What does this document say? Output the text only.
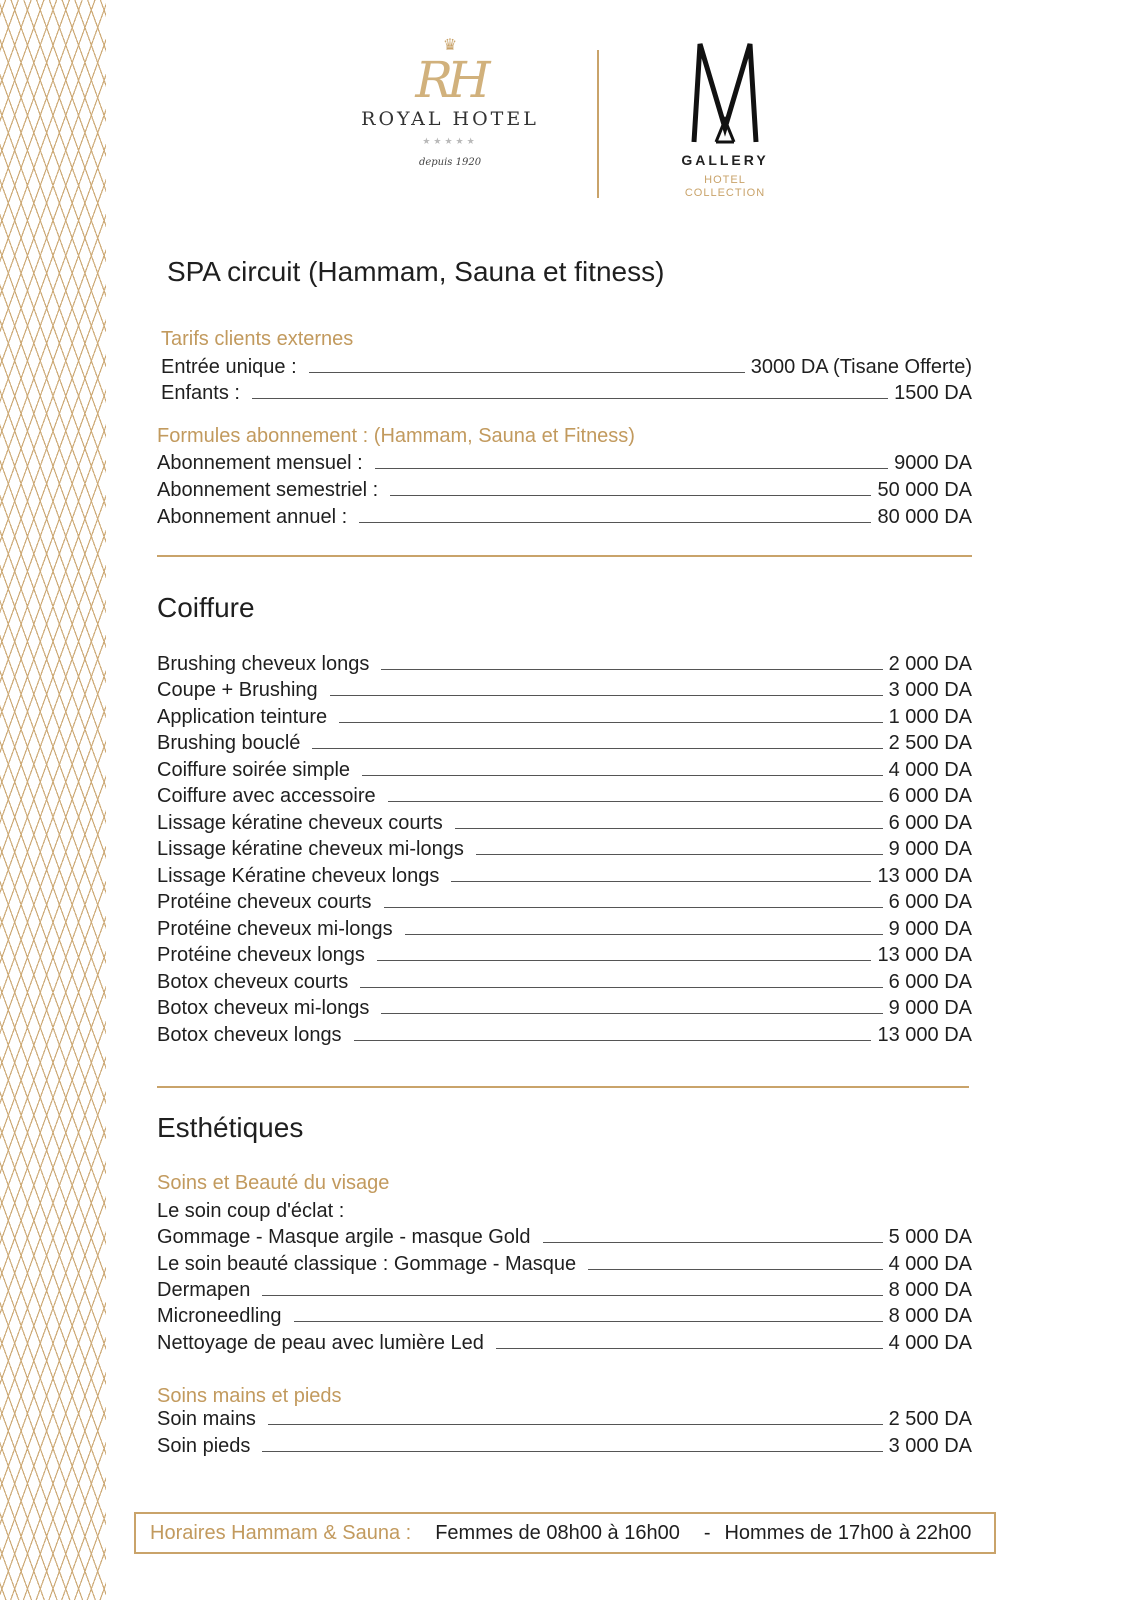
♛
RH
ROYAL HOTEL
★★★★★
depuis 1920	GALLERY
HOTEL
COLLECTION
SPA circuit (Hammam, Sauna et fitness)
Tarifs clients externes
Entrée unique :	3000 DA (Tisane Offerte)
Enfants :	1500 DA
Formules abonnement : (Hammam, Sauna et Fitness)
Abonnement mensuel :	9000 DA
Abonnement semestriel :	50 000 DA
Abonnement annuel :	80 000 DA
Coiffure
Brushing cheveux longs	2 000 DA
Coupe + Brushing	3 000 DA
Application teinture	1 000 DA
Brushing bouclé	2 500 DA
Coiffure soirée simple	4 000 DA
Coiffure avec accessoire	6 000 DA
Lissage kératine cheveux courts	6 000 DA
Lissage kératine cheveux mi-longs	9 000 DA
Lissage Kératine cheveux longs	13 000 DA
Protéine cheveux courts	6 000 DA
Protéine cheveux mi-longs	9 000 DA
Protéine cheveux longs	13 000 DA
Botox cheveux courts	6 000 DA
Botox cheveux mi-longs	9 000 DA
Botox cheveux longs	13 000 DA
Esthétiques
Soins et Beauté du visage
Le soin coup d'éclat :
Gommage - Masque argile - masque Gold	5 000 DA
Le soin beauté classique : Gommage - Masque	4 000 DA
Dermapen	8 000 DA
Microneedling	8 000 DA
Nettoyage de peau avec lumière Led	4 000 DA
Soins mains et pieds
Soin mains	2 500 DA
Soin pieds	3 000 DA
Horaires Hammam & Sauna : Femmes de 08h00 à 16h00 - Hommes de 17h00 à 22h00
